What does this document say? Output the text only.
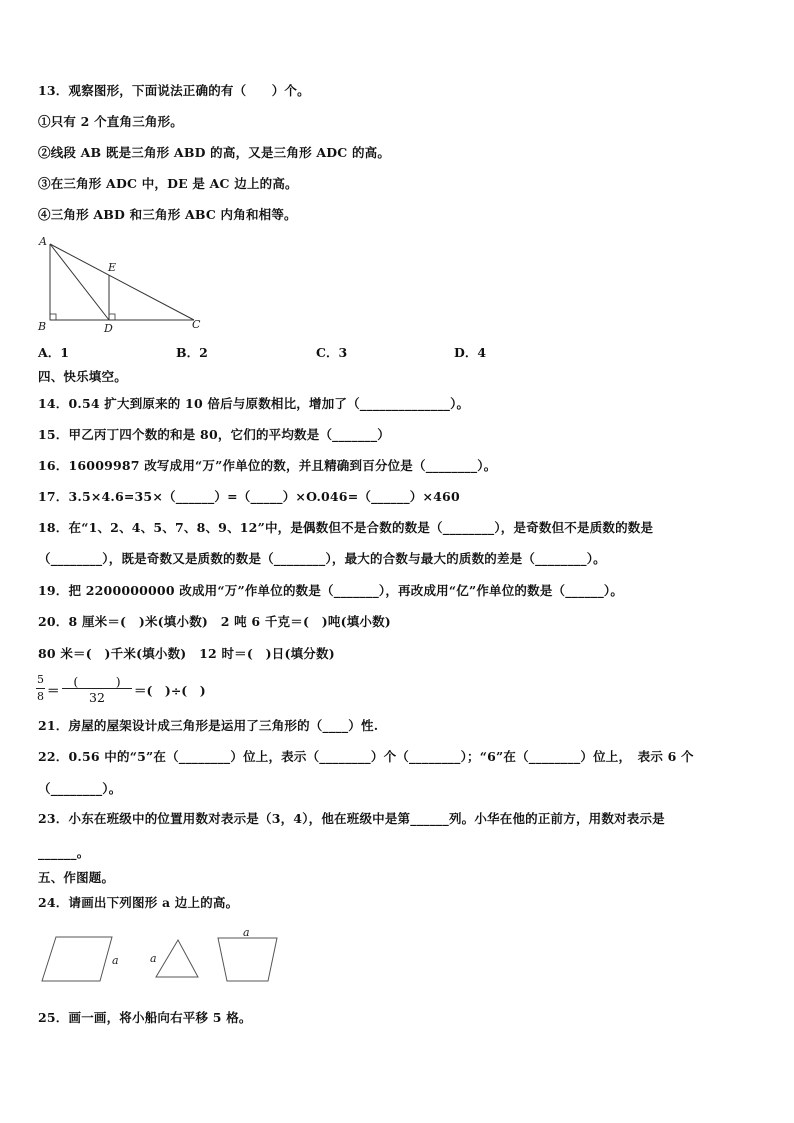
13．观察图形，下面说法正确的有（　　）个。
①只有 2 个直角三角形。
②线段 AB 既是三角形 ABD 的高，又是三角形 ADC 的高。
③在三角形 ADC 中，DE 是 AC 边上的高。
④三角形 ABD 和三角形 ABC 内角和相等。
A
E
B	D	C
A．1	B．2	C．3	D．4
四、快乐填空。
14．0.54 扩大到原来的 10 倍后与原数相比，增加了（______________）。
15．甲乙丙丁四个数的和是 80，它们的平均数是（_______）
16．16009987 改写成用“万”作单位的数，并且精确到百分位是（________）。
17．3.5×4.6=35×（______）=（_____）×O.046=（______）×460
18．在“1、2、4、5、7、8、9、12”中，是偶数但不是合数的数是（________），是奇数但不是质数的数是
（________），既是奇数又是质数的数是（________），最大的合数与最大的质数的差是（________）。
19．把 2200000000 改成用“万”作单位的数是（_______），再改成用“亿”作单位的数是（______）。
20．8 厘米＝(　)米(填小数)　2 吨 6 千克＝(　)吨(填小数)
80 米＝(　)千米(填小数)　12 时＝(　)日(填分数)
5
8 ＝
(　　　)
32	＝(　)÷(　)
21．房屋的屋架设计成三角形是运用了三角形的（____）性.
22．0.56 中的“5”在（________）位上，表示（________）个（________）；“6”在（________）位上，　表示 6 个
（________）。
23．小东在班级中的位置用数对表示是（3，4），他在班级中是第______列。小华在他的正前方，用数对表示是
______。
五、作图题。
24．请画出下列图形 a 边上的高。
a	a
a
25．画一画，将小船向右平移 5 格。
